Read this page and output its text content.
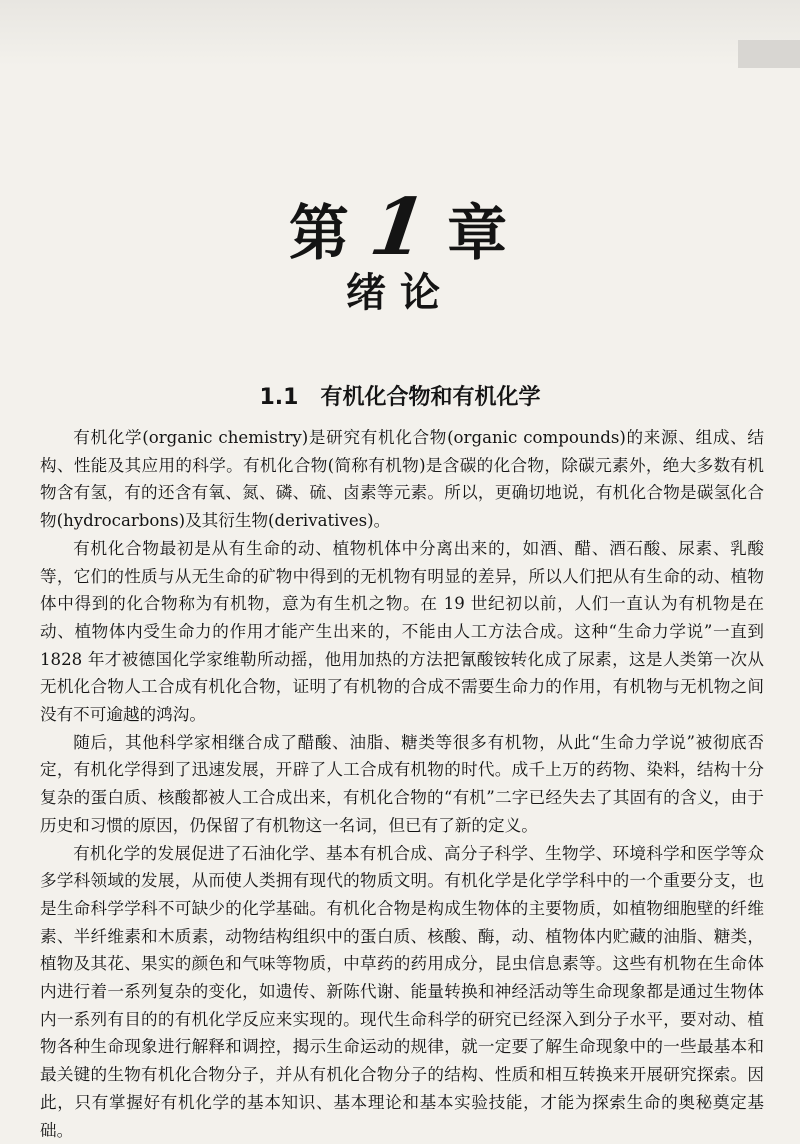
第 1 章
绪论
1.1 有机化合物和有机化学

有机化学(organic chemistry)是研究有机化合物(organic compounds)的来源、组成、结构、性能及其应用的科学。有机化合物(简称有机物)是含碳的化合物，除碳元素外，绝大多数有机物含有氢，有的还含有氧、氮、磷、硫、卤素等元素。所以，更确切地说，有机化合物是碳氢化合物(hydrocarbons)及其衍生物(derivatives)。

有机化合物最初是从有生命的动、植物机体中分离出来的，如酒、醋、酒石酸、尿素、乳酸等，它们的性质与从无生命的矿物中得到的无机物有明显的差异，所以人们把从有生命的动、植物体中得到的化合物称为有机物，意为有生机之物。在 19 世纪初以前，人们一直认为有机物是在动、植物体内受生命力的作用才能产生出来的，不能由人工方法合成。这种“生命力学说”一直到 1828 年才被德国化学家维勒所动摇，他用加热的方法把氰酸铵转化成了尿素，这是人类第一次从无机化合物人工合成有机化合物，证明了有机物的合成不需要生命力的作用，有机物与无机物之间没有不可逾越的鸿沟。

随后，其他科学家相继合成了醋酸、油脂、糖类等很多有机物，从此“生命力学说”被彻底否定，有机化学得到了迅速发展，开辟了人工合成有机物的时代。成千上万的药物、染料，结构十分复杂的蛋白质、核酸都被人工合成出来，有机化合物的“有机”二字已经失去了其固有的含义，由于历史和习惯的原因，仍保留了有机物这一名词，但已有了新的定义。

有机化学的发展促进了石油化学、基本有机合成、高分子科学、生物学、环境科学和医学等众多学科领域的发展，从而使人类拥有现代的物质文明。有机化学是化学学科中的一个重要分支，也是生命科学学科不可缺少的化学基础。有机化合物是构成生物体的主要物质，如植物细胞壁的纤维素、半纤维素和木质素，动物结构组织中的蛋白质、核酸、酶，动、植物体内贮藏的油脂、糖类，植物及其花、果实的颜色和气味等物质，中草药的药用成分，昆虫信息素等。这些有机物在生命体内进行着一系列复杂的变化，如遗传、新陈代谢、能量转换和神经活动等生命现象都是通过生物体内一系列有目的的有机化学反应来实现的。现代生命科学的研究已经深入到分子水平，要对动、植物各种生命现象进行解释和调控，揭示生命运动的规律，就一定要了解生命现象中的一些最基本和最关键的生物有机化合物分子，并从有机化合物分子的结构、性质和相互转换来开展研究探索。因此，只有掌握好有机化学的基本知识、基本理论和基本实验技能，才能为探索生命的奥秘奠定基础。
